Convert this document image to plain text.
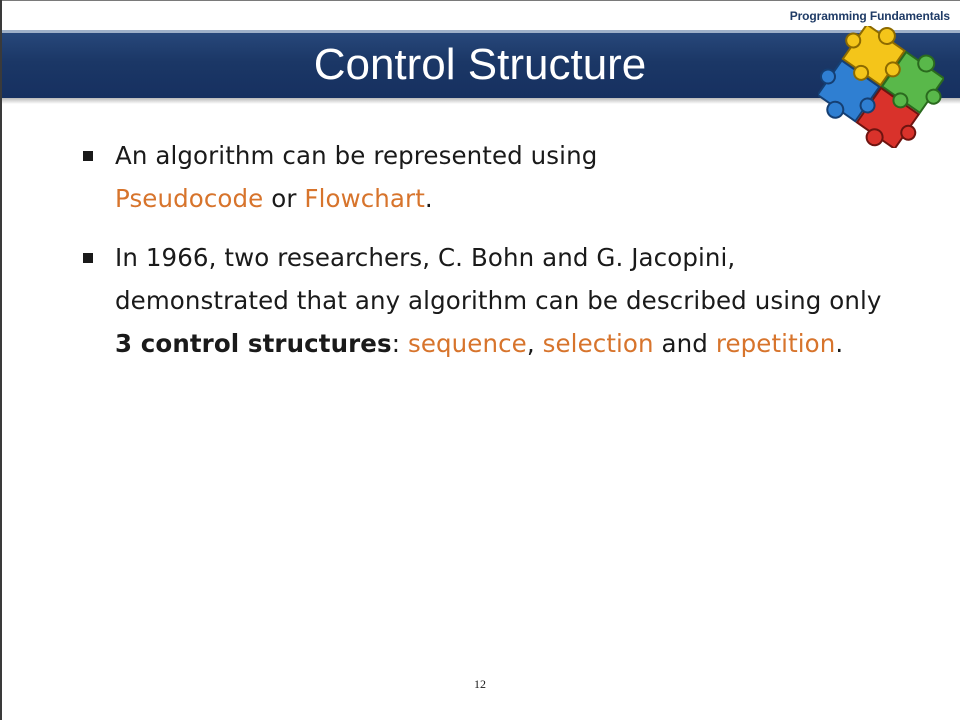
Programming Fundamentals
Control Structure
An algorithm can be represented using
Pseudocode or Flowchart.
In 1966, two researchers, C. Bohn and G. Jacopini, demonstrated that any algorithm can be described using only 3 control structures: sequence, selection and repetition.
12
